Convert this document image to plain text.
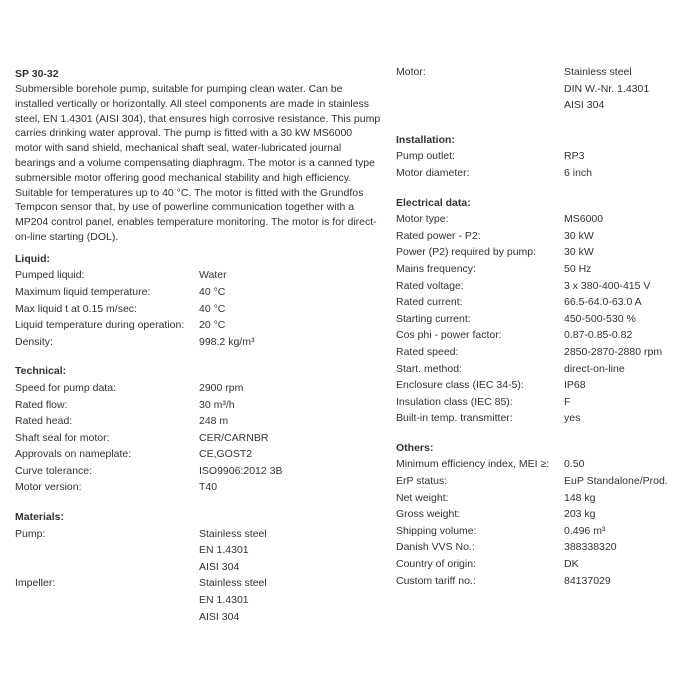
SP 30-32

Submersible borehole pump, suitable for pumping clean water. Can be installed vertically or horizontally. All steel components are made in stainless steel, EN 1.4301 (AISI 304), that ensures high corrosive resistance. This pump carries drinking water approval. The pump is fitted with a 30 kW MS6000 motor with sand shield, mechanical shaft seal, water-lubricated journal bearings and a volume compensating diaphragm. The motor is a canned type submersible motor offering good mechanical stability and high efficiency. Suitable for temperatures up to 40 °C. The motor is fitted with the Grundfos Tempcon sensor that, by use of powerline communication together with a MP204 control panel, enables temperature monitoring. The motor is for direct-on-line starting (DOL).

Liquid:
Pumped liquid:	Water
Maximum liquid temperature:	40 °C
Max liquid t at 0.15 m/sec:	40 °C
Liquid temperature during operation:	20 °C
Density:	998.2 kg/m³
Technical:
Speed for pump data:	2900 rpm
Rated flow:	30 m³/h
Rated head:	248 m
Shaft seal for motor:	CER/CARNBR
Approvals on nameplate:	CE,GOST2
Curve tolerance:	ISO9906:2012 3B
Motor version:	T40
Materials:
Pump:	Stainless steel
EN 1.4301
AISI 304
Impeller:	Stainless steel
EN 1.4301
AISI 304
Motor:	Stainless steel
DIN W.-Nr. 1.4301
AISI 304
Installation:
Pump outlet:	RP3
Motor diameter:	6 inch
Electrical data:
Motor type:	MS6000
Rated power - P2:	30 kW
Power (P2) required by pump:	30 kW
Mains frequency:	50 Hz
Rated voltage:	3 x 380-400-415 V
Rated current:	66.5-64.0-63.0 A
Starting current:	450-500-530 %
Cos phi - power factor:	0.87-0.85-0.82
Rated speed:	2850-2870-2880 rpm
Start. method:	direct-on-line
Enclosure class (IEC 34-5):	IP68
Insulation class (IEC 85):	F
Built-in temp. transmitter:	yes
Others:
Minimum efficiency index, MEI ≥:	0.50
ErP status:	EuP Standalone/Prod.
Net weight:	148 kg
Gross weight:	203 kg
Shipping volume:	0.496 m³
Danish VVS No.:	388338320
Country of origin:	DK
Custom tariff no.:	84137029
